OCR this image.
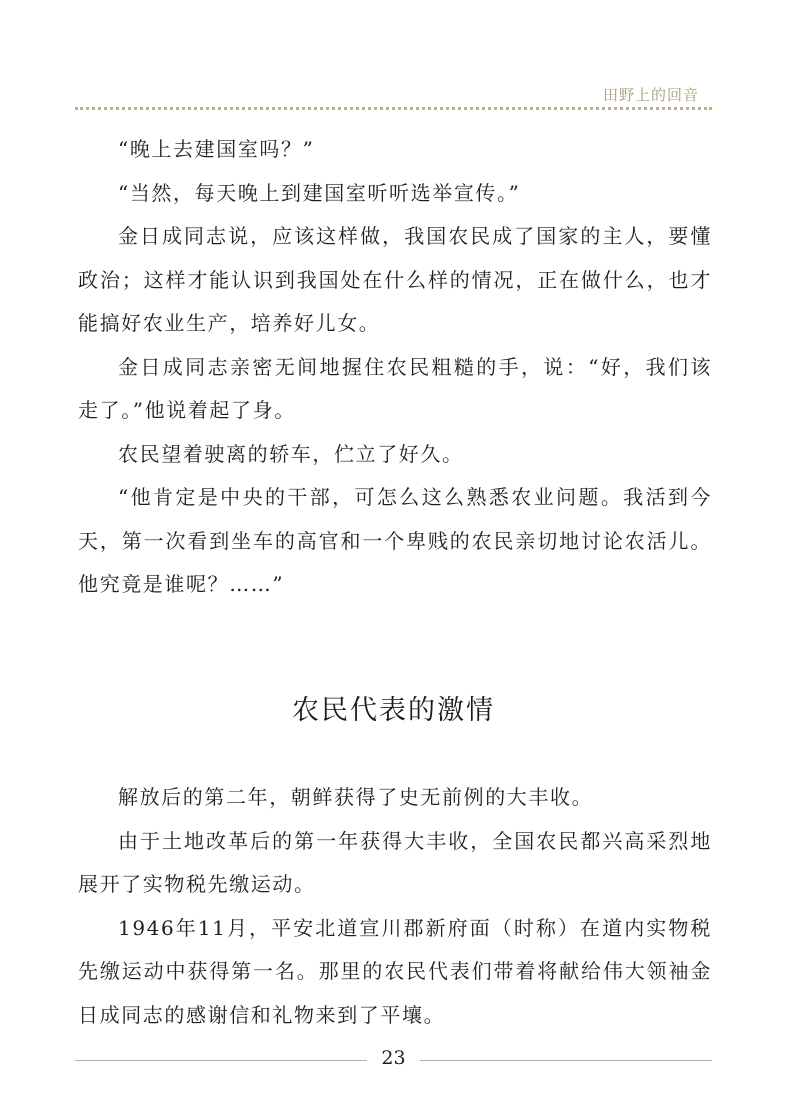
田野上的回音

“晚上去建国室吗？”

“当然，每天晚上到建国室听听选举宣传。”

金日成同志说，应该这样做，我国农民成了国家的主人，要懂政治；这样才能认识到我国处在什么样的情况，正在做什么，也才能搞好农业生产，培养好儿女。

金日成同志亲密无间地握住农民粗糙的手，说：“好，我们该走了。”他说着起了身。

农民望着驶离的轿车，伫立了好久。

“他肯定是中央的干部，可怎么这么熟悉农业问题。我活到今天，第一次看到坐车的高官和一个卑贱的农民亲切地讨论农活儿。他究竟是谁呢？……”

农民代表的激情

解放后的第二年，朝鲜获得了史无前例的大丰收。

由于土地改革后的第一年获得大丰收，全国农民都兴高采烈地展开了实物税先缴运动。

1946年11月，平安北道宣川郡新府面（时称）在道内实物税先缴运动中获得第一名。那里的农民代表们带着将献给伟大领袖金日成同志的感谢信和礼物来到了平壤。

23
